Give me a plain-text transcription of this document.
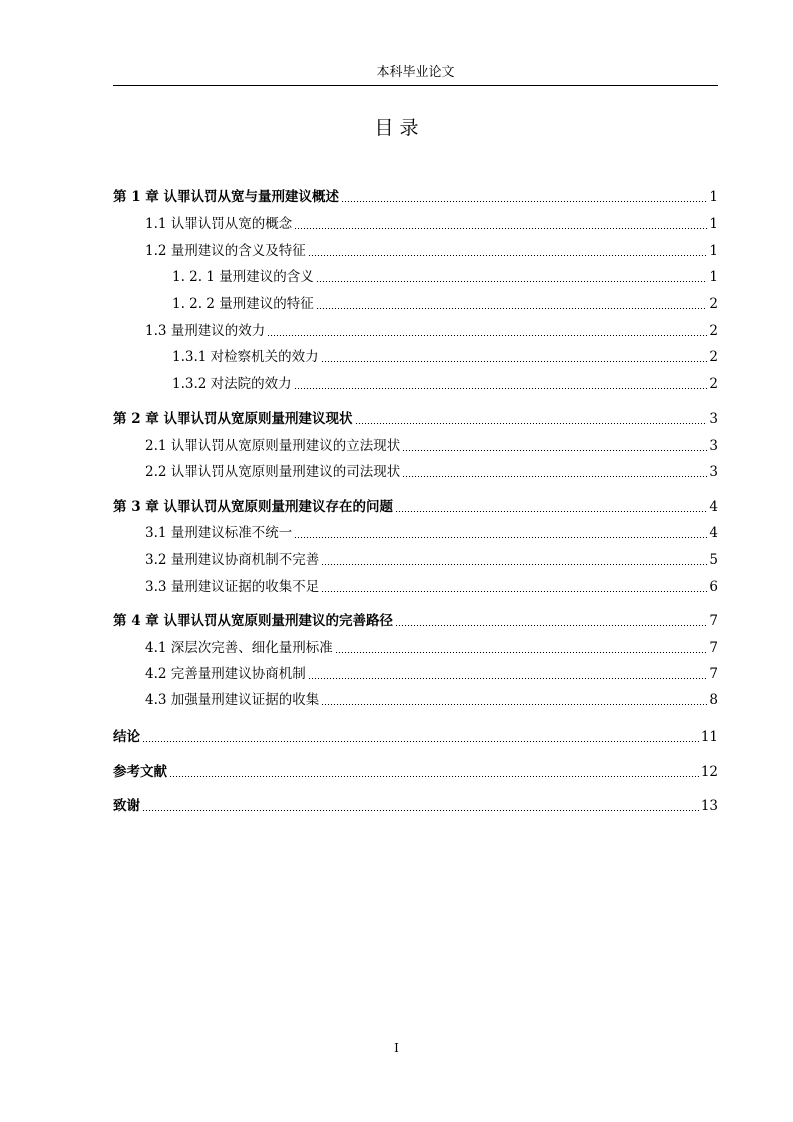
本科毕业论文
目 录
第 1 章 认罪认罚从宽与量刑建议概述	1
1.1 认罪认罚从宽的概念	1
1.2 量刑建议的含义及特征	1
1. 2. 1 量刑建议的含义	1
1. 2. 2 量刑建议的特征	2
1.3 量刑建议的效力	2
1.3.1 对检察机关的效力	2
1.3.2 对法院的效力	2
第 2 章 认罪认罚从宽原则量刑建议现状	3
2.1 认罪认罚从宽原则量刑建议的立法现状	3
2.2 认罪认罚从宽原则量刑建议的司法现状	3
第 3 章 认罪认罚从宽原则量刑建议存在的问题	4
3.1 量刑建议标准不统一	4
3.2 量刑建议协商机制不完善	5
3.3 量刑建议证据的收集不足	6
第 4 章 认罪认罚从宽原则量刑建议的完善路径	7
4.1 深层次完善、细化量刑标准	7
4.2 完善量刑建议协商机制	7
4.3 加强量刑建议证据的收集	8
结论	11
参考文献	12
致谢	13
I
